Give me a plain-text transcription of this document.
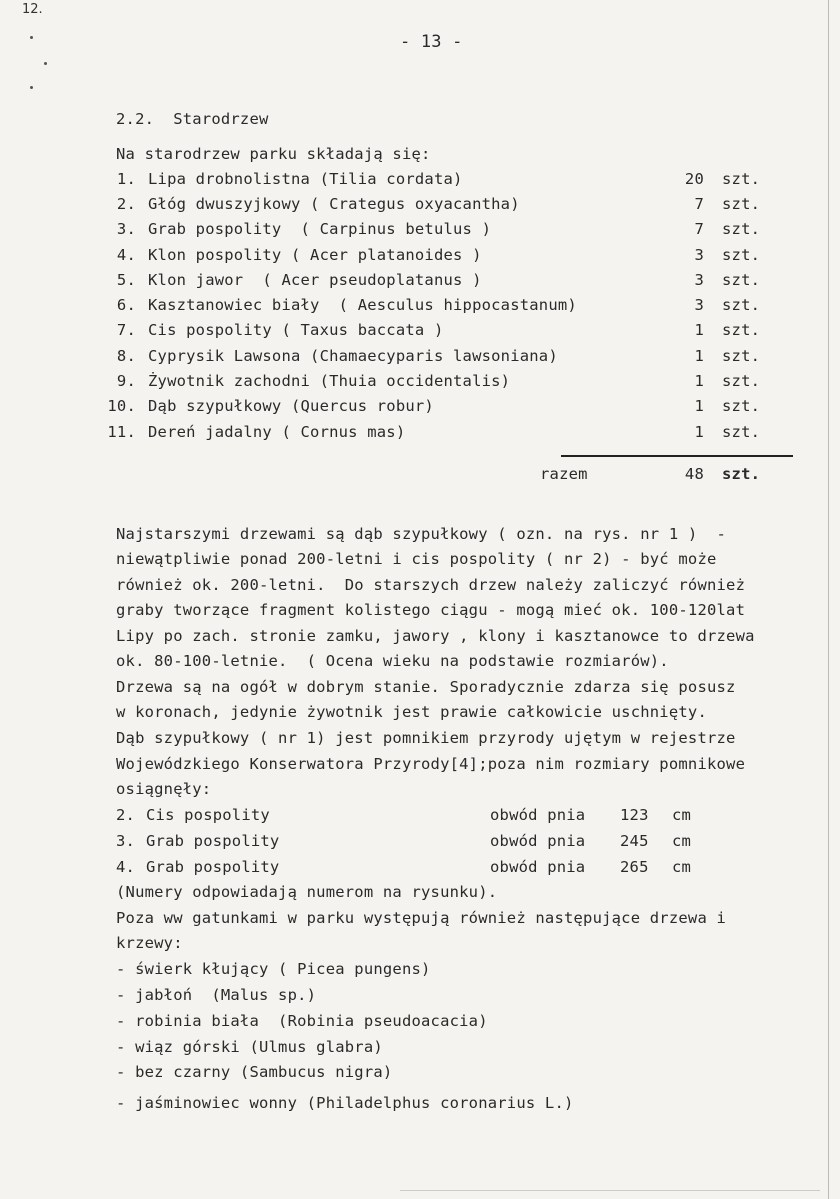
12.
- 13 -
2.2.  Starodrzew
Na starodrzew parku składają się:
1. Lipa drobnolistna (Tilia cordata)	20 szt.
2. Głóg dwuszyjkowy ( Crategus oxyacantha)	7 szt.
3. Grab pospolity  ( Carpinus betulus )	7 szt.
4. Klon pospolity ( Acer platanoides )	3 szt.
5. Klon jawor  ( Acer pseudoplatanus )	3 szt.
6. Kasztanowiec biały  ( Aesculus hippocastanum)	3 szt.
7. Cis pospolity ( Taxus baccata )	1 szt.
8. Cyprysik Lawsona (Chamaecyparis lawsoniana)	1 szt.
9. Żywotnik zachodni (Thuia occidentalis)	1 szt.
10. Dąb szypułkowy (Quercus robur)	1 szt.
11. Dereń jadalny ( Cornus mas)	1 szt.
razem	48 szt.
Najstarszymi drzewami są dąb szypułkowy ( ozn. na rys. nr 1 )  -
niewątpliwie ponad 200-letni i cis pospolity ( nr 2) - być może
również ok. 200-letni.  Do starszych drzew należy zaliczyć również
graby tworzące fragment kolistego ciągu - mogą mieć ok. 100-120lat
Lipy po zach. stronie zamku, jawory , klony i kasztanowce to drzewa
ok. 80-100-letnie.  ( Ocena wieku na podstawie rozmiarów).
Drzewa są na ogół w dobrym stanie. Sporadycznie zdarza się posusz
w koronach, jedynie żywotnik jest prawie całkowicie uschnięty.
Dąb szypułkowy ( nr 1) jest pomnikiem przyrody ujętym w rejestrze
Wojewódzkiego Konserwatora Przyrody[4];poza nim rozmiary pomnikowe
osiągnęły:
2. Cis pospolity	obwód pnia 123 cm
3. Grab pospolity	obwód pnia 245 cm
4. Grab pospolity	obwód pnia 265 cm
(Numery odpowiadają numerom na rysunku).
Poza ww gatunkami w parku występują również następujące drzewa i
krzewy:
- świerk kłujący ( Picea pungens)
- jabłoń  (Malus sp.)
- robinia biała  (Robinia pseudoacacia)
- wiąz górski (Ulmus glabra)
- bez czarny (Sambucus nigra)
- jaśminowiec wonny (Philadelphus coronarius L.)
